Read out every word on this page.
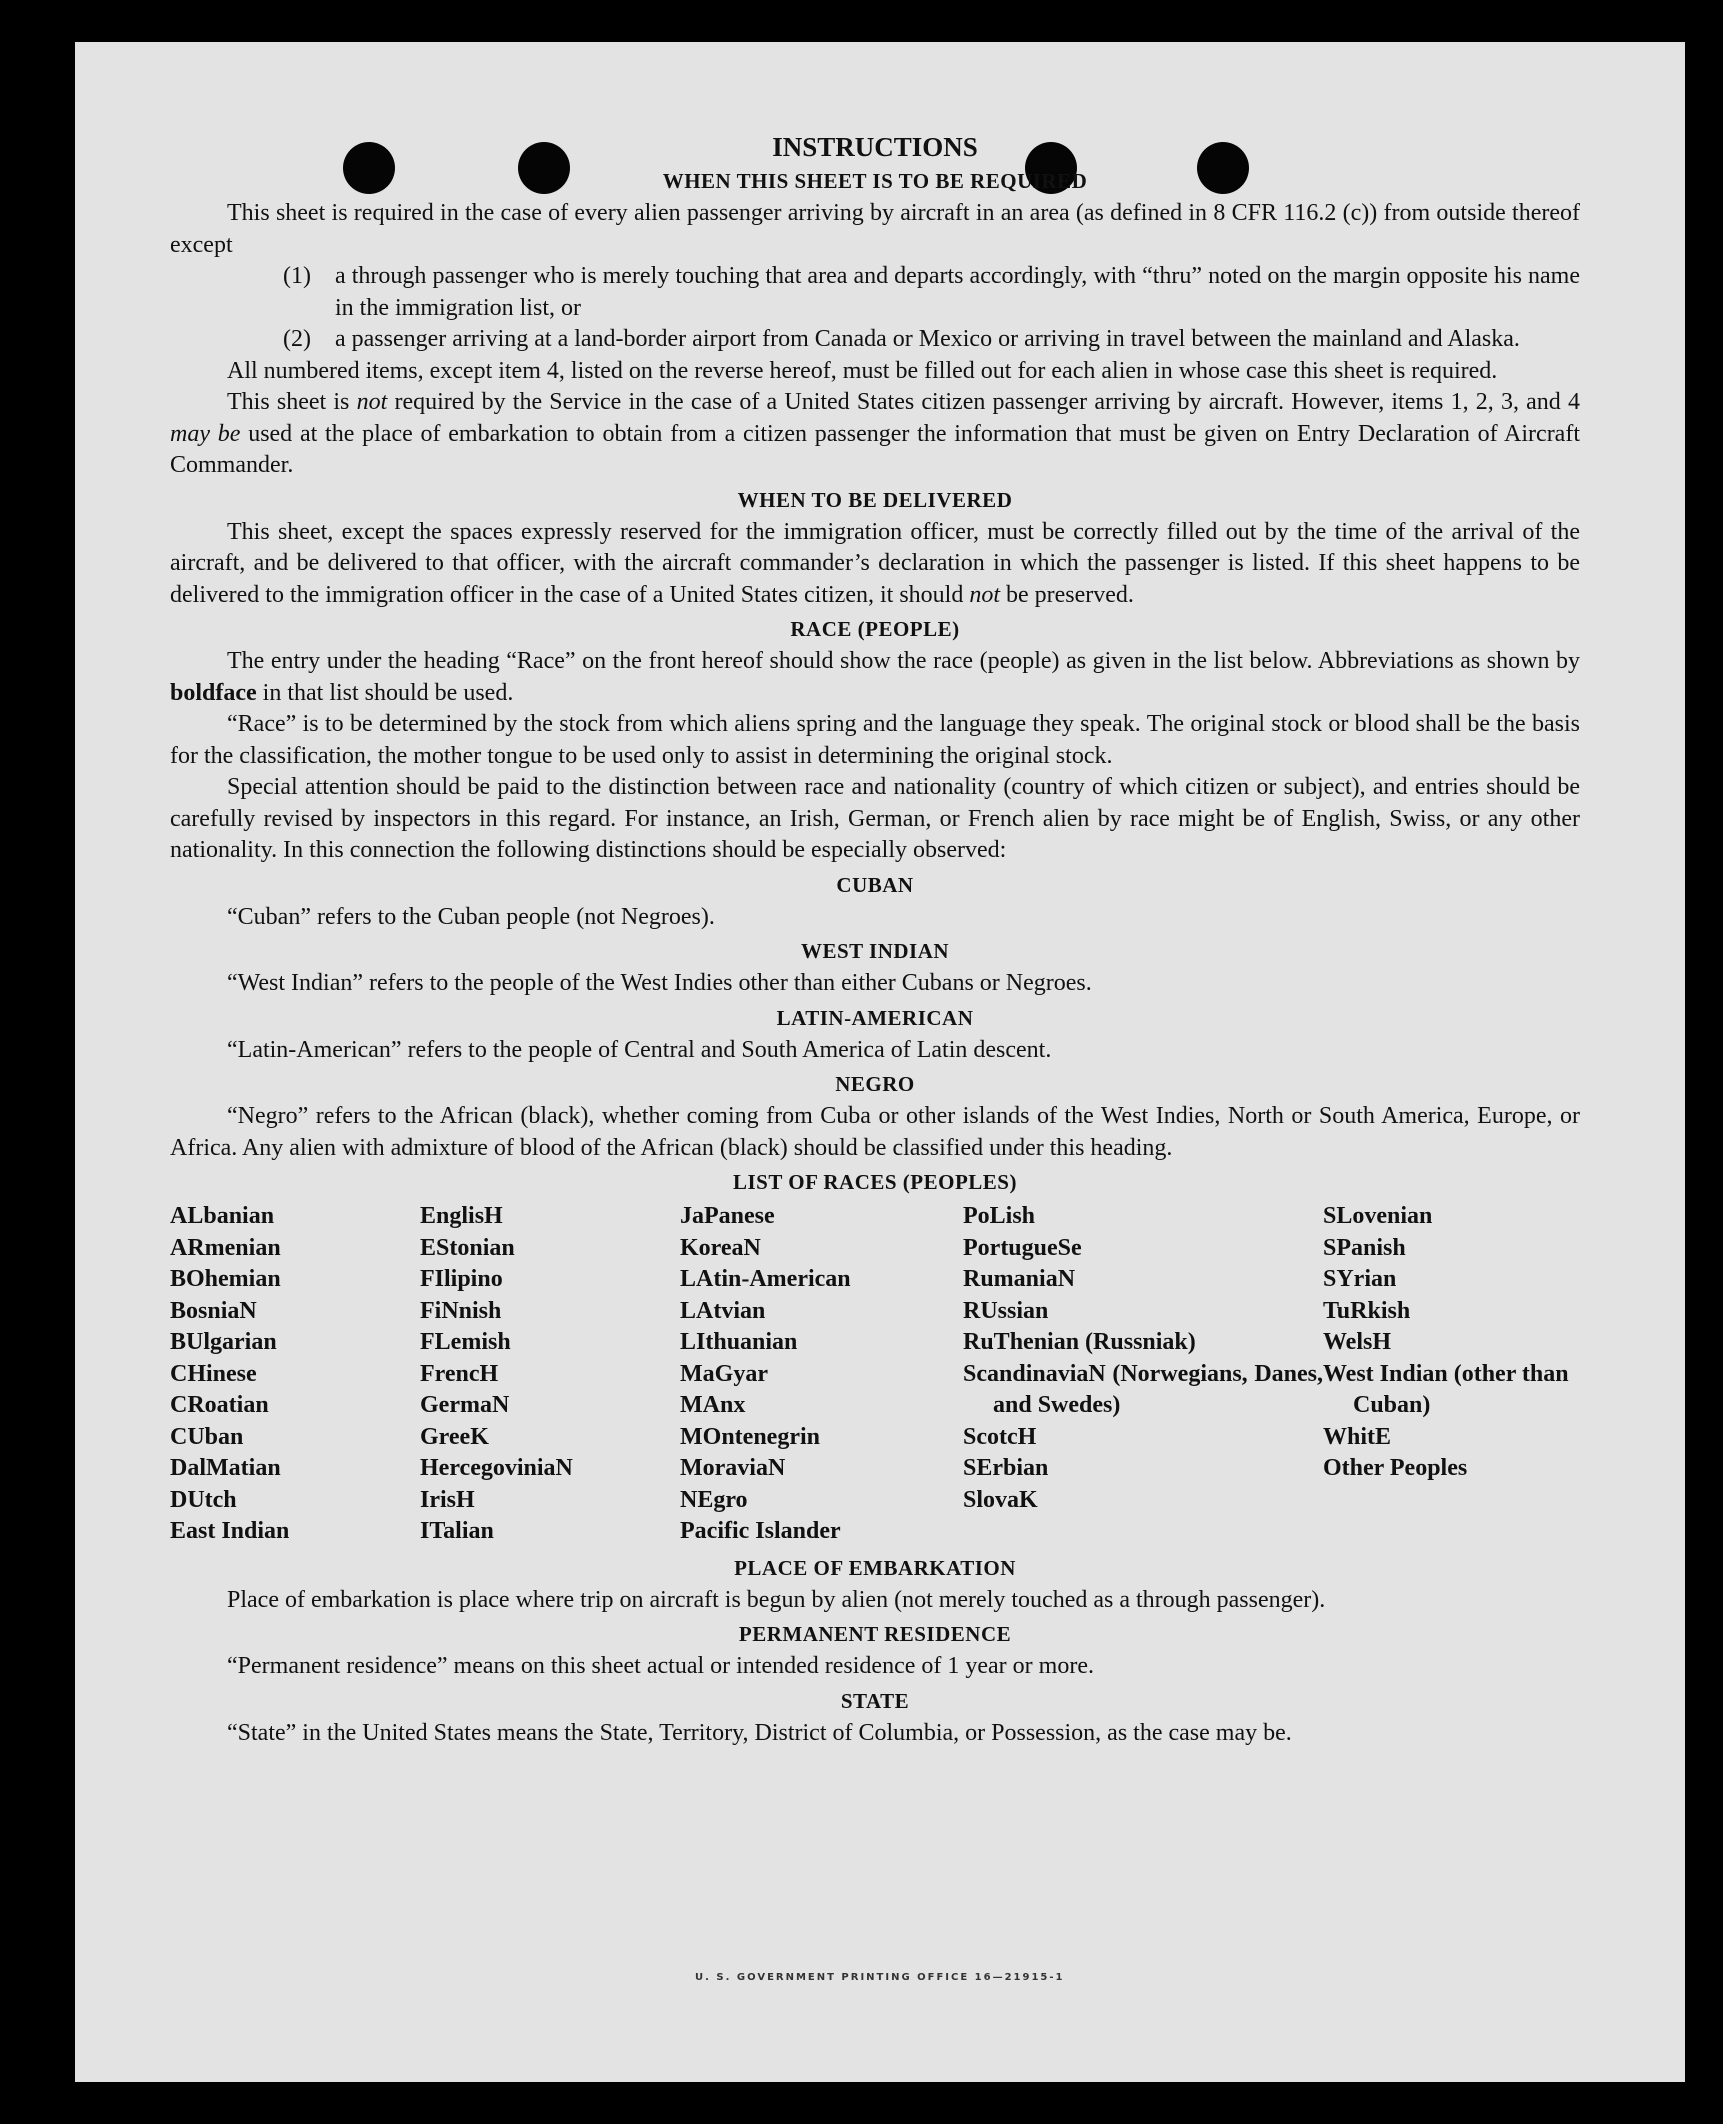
INSTRUCTIONS
WHEN THIS SHEET IS TO BE REQUIRED

This sheet is required in the case of every alien passenger arriving by aircraft in an area (as defined in 8 CFR 116.2 (c)) from outside thereof except

(1)	a through passenger who is merely touching that area and departs accordingly, with “thru” noted on the margin opposite his name in the immigration list, or
(2)	a passenger arriving at a land-border airport from Canada or Mexico or arriving in travel between the mainland and Alaska.

All numbered items, except item 4, listed on the reverse hereof, must be filled out for each alien in whose case this sheet is required.

This sheet is not required by the Service in the case of a United States citizen passenger arriving by aircraft. However, items 1, 2, 3, and 4 may be used at the place of embarkation to obtain from a citizen passenger the information that must be given on Entry Declaration of Aircraft Commander.

WHEN TO BE DELIVERED

This sheet, except the spaces expressly reserved for the immigration officer, must be correctly filled out by the time of the arrival of the aircraft, and be delivered to that officer, with the aircraft commander’s declaration in which the passenger is listed. If this sheet happens to be delivered to the immigration officer in the case of a United States citizen, it should not be preserved.

RACE (PEOPLE)

The entry under the heading “Race” on the front hereof should show the race (people) as given in the list below. Abbreviations as shown by boldface in that list should be used.

“Race” is to be determined by the stock from which aliens spring and the language they speak. The original stock or blood shall be the basis for the classification, the mother tongue to be used only to assist in determining the original stock.

Special attention should be paid to the distinction between race and nationality (country of which citizen or subject), and entries should be carefully revised by inspectors in this regard. For instance, an Irish, German, or French alien by race might be of English, Swiss, or any other nationality. In this connection the following distinctions should be especially observed:

CUBAN

“Cuban” refers to the Cuban people (not Negroes).

WEST INDIAN

“West Indian” refers to the people of the West Indies other than either Cubans or Negroes.

LATIN-AMERICAN

“Latin-American” refers to the people of Central and South America of Latin descent.

NEGRO

“Negro” refers to the African (black), whether coming from Cuba or other islands of the West Indies, North or South America, Europe, or Africa. Any alien with admixture of blood of the African (black) should be classified under this heading.

LIST OF RACES (PEOPLES)
ALbanian
ARmenian
BOhemian
BosniaN
BUlgarian
CHinese
CRoatian
CUban
DalMatian
DUtch
East Indian
EnglisH
EStonian
FIlipino
FiNnish
FLemish
FrencH
GermaN
GreeK
HercegoviniaN
IrisH
ITalian
JaPanese
KoreaN
LAtin-American
LAtvian
LIthuanian
MaGyar
MAnx
MOntenegrin
MoraviaN
NEgro
Pacific Islander
PoLish
PortugueSe
RumaniaN
RUssian
RuThenian (Russniak)
ScandinaviaN (Norwegians, Danes, and Swedes)
ScotcH
SErbian
SlovaK
SLovenian
SPanish
SYrian
TuRkish
WelsH
West Indian (other than Cuban)
WhitE
Other Peoples
PLACE OF EMBARKATION

Place of embarkation is place where trip on aircraft is begun by alien (not merely touched as a through passenger).

PERMANENT RESIDENCE

“Permanent residence” means on this sheet actual or intended residence of 1 year or more.

STATE

“State” in the United States means the State, Territory, District of Columbia, or Possession, as the case may be.

U. S. GOVERNMENT PRINTING OFFICE 16—21915-1
